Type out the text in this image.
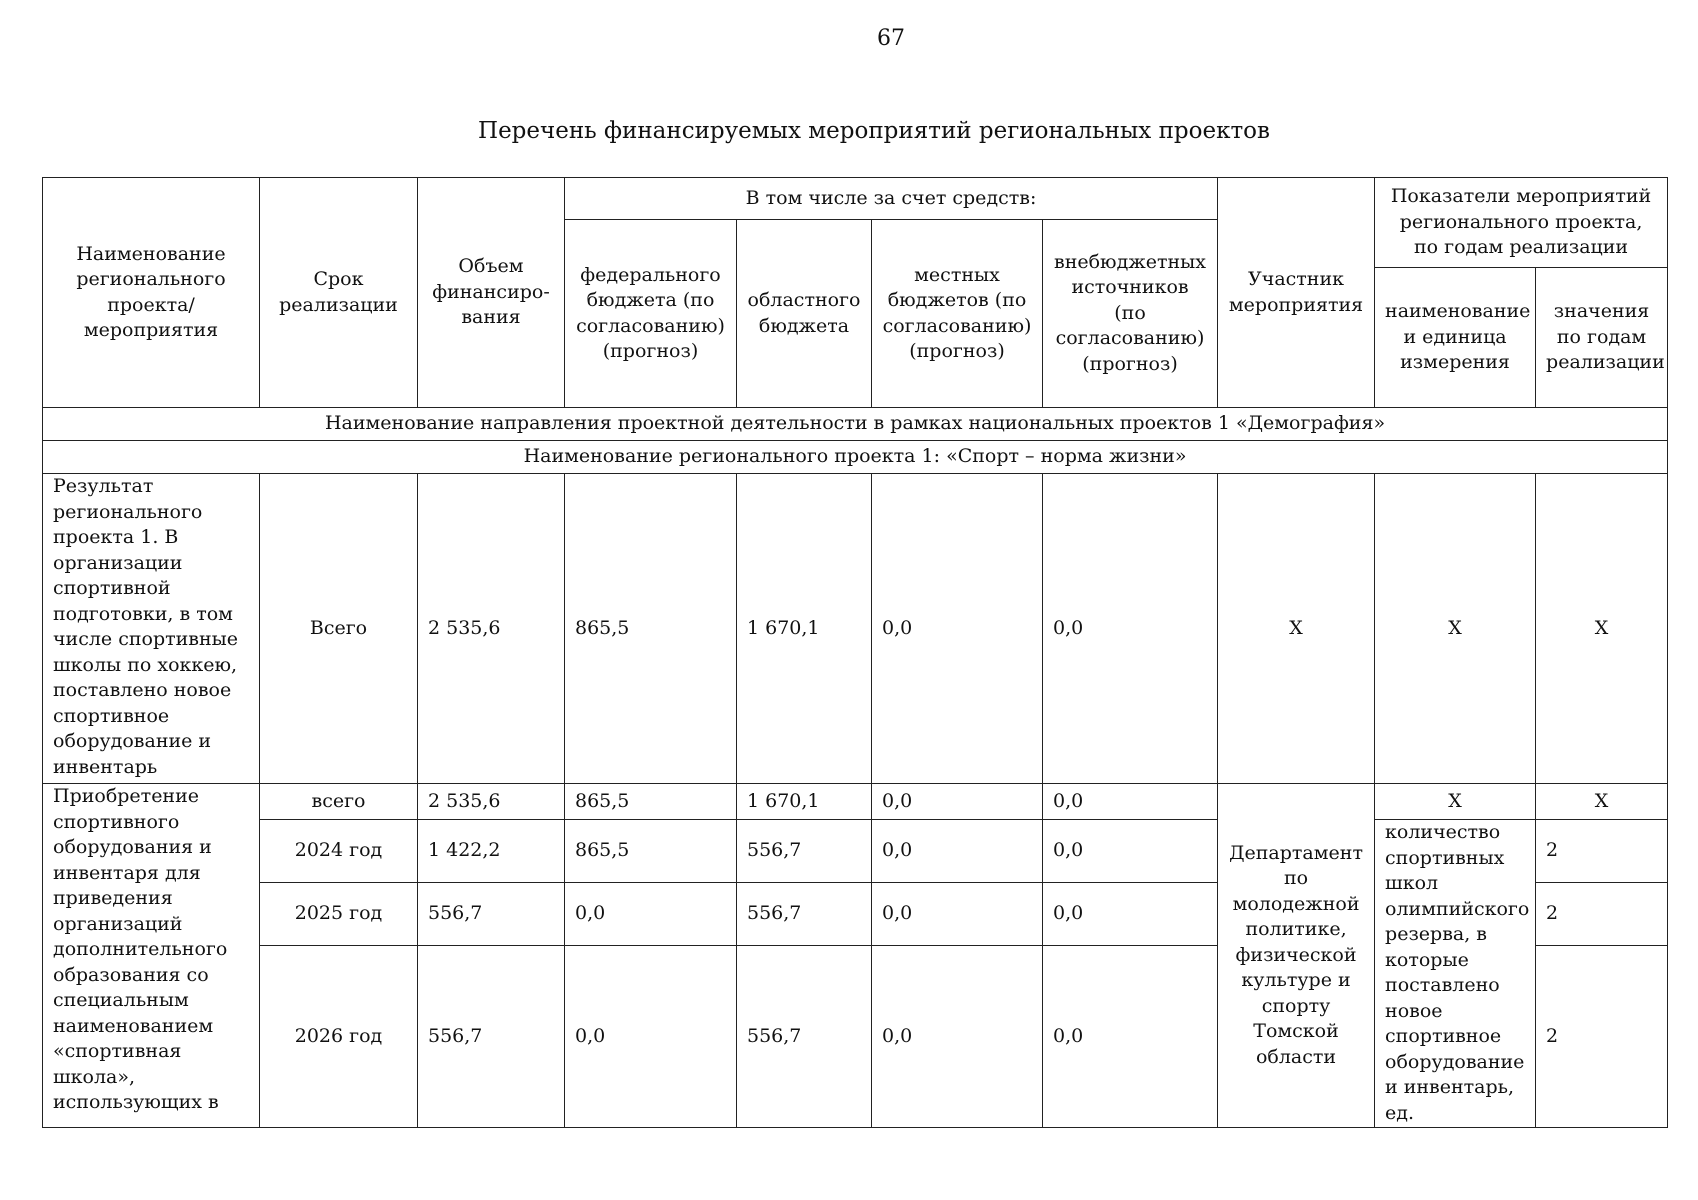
67
Перечень финансируемых мероприятий региональных проектов
Наименование регионального проекта/ мероприятия	Срок реализации	Объем финансиро-вания	В том числе за счет средств:				Участник мероприятия	Показатели мероприятий регионального проекта, по годам реализации	
			федерального бюджета (по согласованию) (прогноз)	областного бюджета	местных бюджетов (по согласованию) (прогноз)	внебюджетных источников (по согласованию) (прогноз)			
								наименование и единица измерения	значения по годам реализации
Наименование направления проектной деятельности в рамках национальных проектов 1 «Демография»									
Наименование регионального проекта 1: «Спорт – норма жизни»									
Результат регионального проекта 1. В организации спортивной подготовки, в том числе спортивные школы по хоккею, поставлено новое спортивное оборудование и инвентарь	Всего	2 535,6	865,5	1 670,1	0,0	0,0	Х	Х	Х
Приобретение спортивного оборудования и инвентаря для приведения организаций дополнительного образования со специальным наименованием «спортивная школа», использующих в	всего	2 535,6	865,5	1 670,1	0,0	0,0	Департамент по молодежной политике, физической культуре и спорту Томской области	Х	Х
	2024 год	1 422,2	865,5	556,7	0,0	0,0		количество спортивных школ олимпийского резерва, в которые поставлено новое спортивное оборудование и инвентарь, ед.	2
	2025 год	556,7	0,0	556,7	0,0	0,0			2
	2026 год	556,7	0,0	556,7	0,0	0,0			2
